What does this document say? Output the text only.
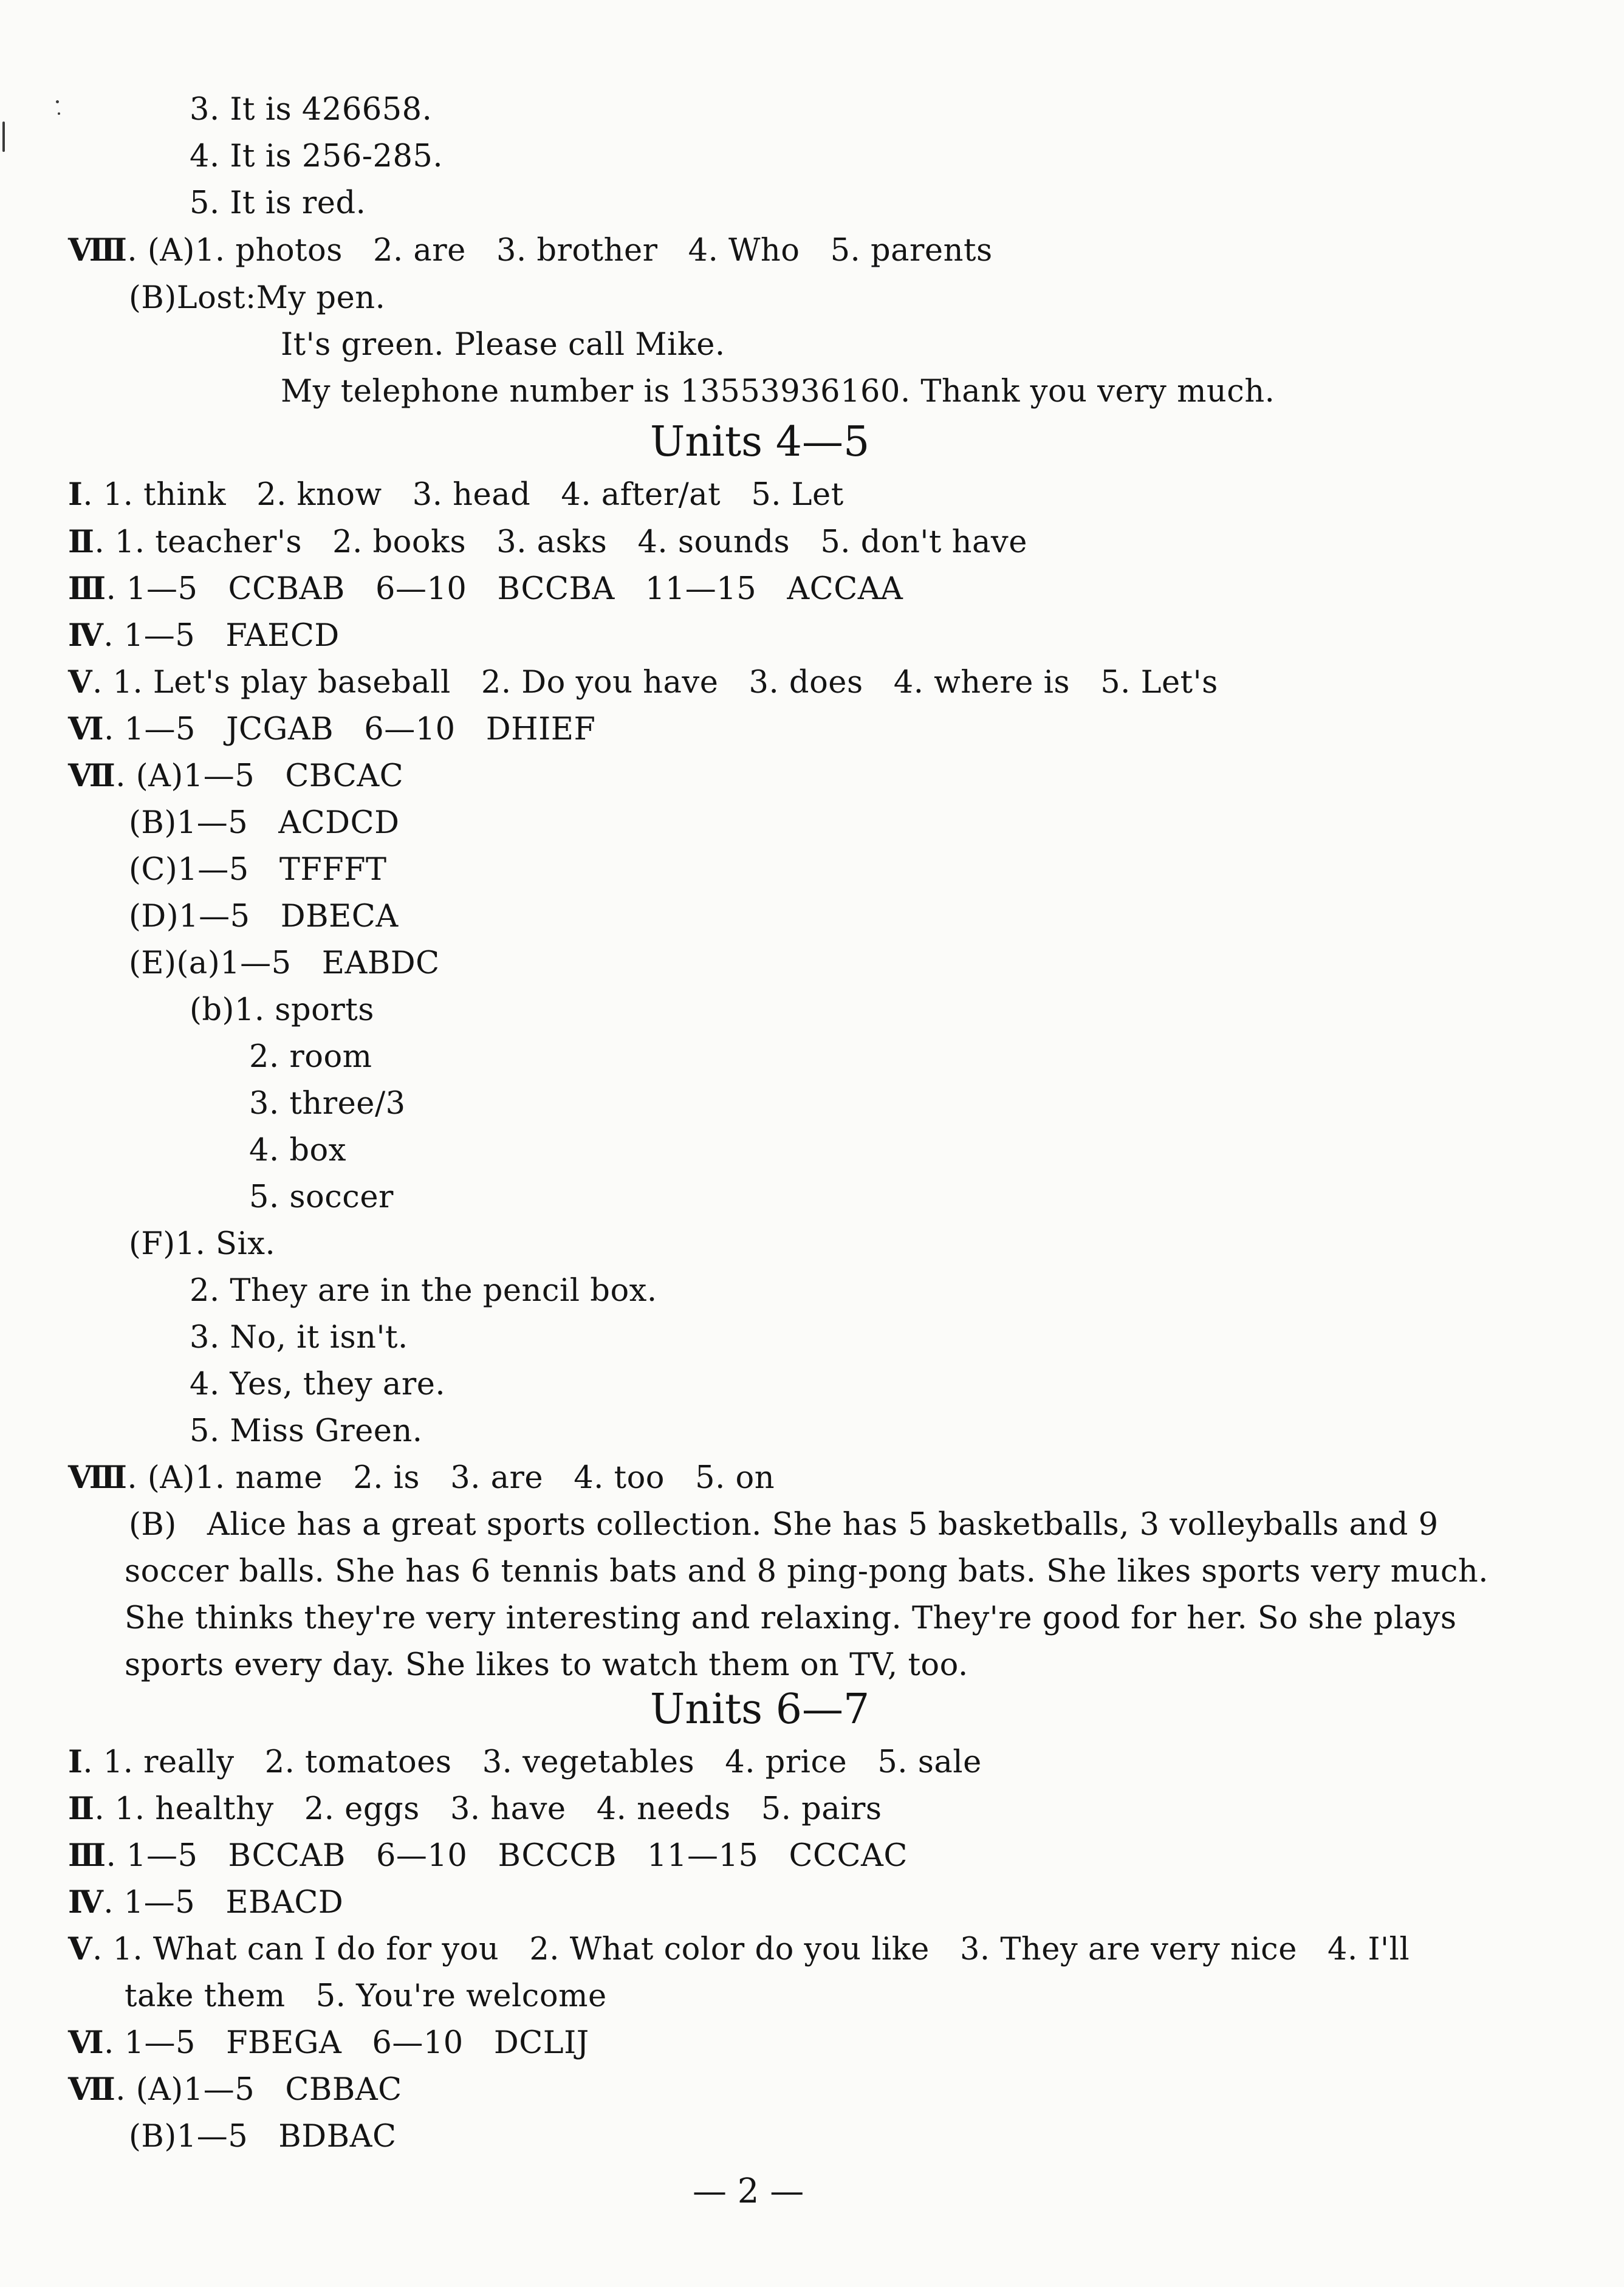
3. It is 426658.
4. It is 256-285.
5. It is red.
Ⅷ. (A)1. photos   2. are   3. brother   4. Who   5. parents
(B)Lost:My pen.
It's green. Please call Mike.
My telephone number is 13553936160. Thank you very much.
Units 4—5
Ⅰ. 1. think   2. know   3. head   4. after/at   5. Let
Ⅱ. 1. teacher's   2. books   3. asks   4. sounds   5. don't have
Ⅲ. 1—5   CCBAB   6—10   BCCBA   11—15   ACCAA
Ⅳ. 1—5   FAECD
Ⅴ. 1. Let's play baseball   2. Do you have   3. does   4. where is   5. Let's
Ⅵ. 1—5   JCGAB   6—10   DHIEF
Ⅶ. (A)1—5   CBCAC
(B)1—5   ACDCD
(C)1—5   TFFFT
(D)1—5   DBECA
(E)(a)1—5   EABDC
(b)1. sports
2. room
3. three/3
4. box
5. soccer
(F)1. Six.
2. They are in the pencil box.
3. No, it isn't.
4. Yes, they are.
5. Miss Green.
Ⅷ. (A)1. name   2. is   3. are   4. too   5. on
(B)   Alice has a great sports collection. She has 5 basketballs, 3 volleyballs and 9
soccer balls. She has 6 tennis bats and 8 ping-pong bats. She likes sports very much.
She thinks they're very interesting and relaxing. They're good for her. So she plays
sports every day. She likes to watch them on TV, too.
Units 6—7
Ⅰ. 1. really   2. tomatoes   3. vegetables   4. price   5. sale
Ⅱ. 1. healthy   2. eggs   3. have   4. needs   5. pairs
Ⅲ. 1—5   BCCAB   6—10   BCCCB   11—15   CCCAC
Ⅳ. 1—5   EBACD
Ⅴ. 1. What can I do for you   2. What color do you like   3. They are very nice   4. I'll
take them   5. You're welcome
Ⅵ. 1—5   FBEGA   6—10   DCLIJ
Ⅶ. (A)1—5   CBBAC
(B)1—5   BDBAC
— 2 —
